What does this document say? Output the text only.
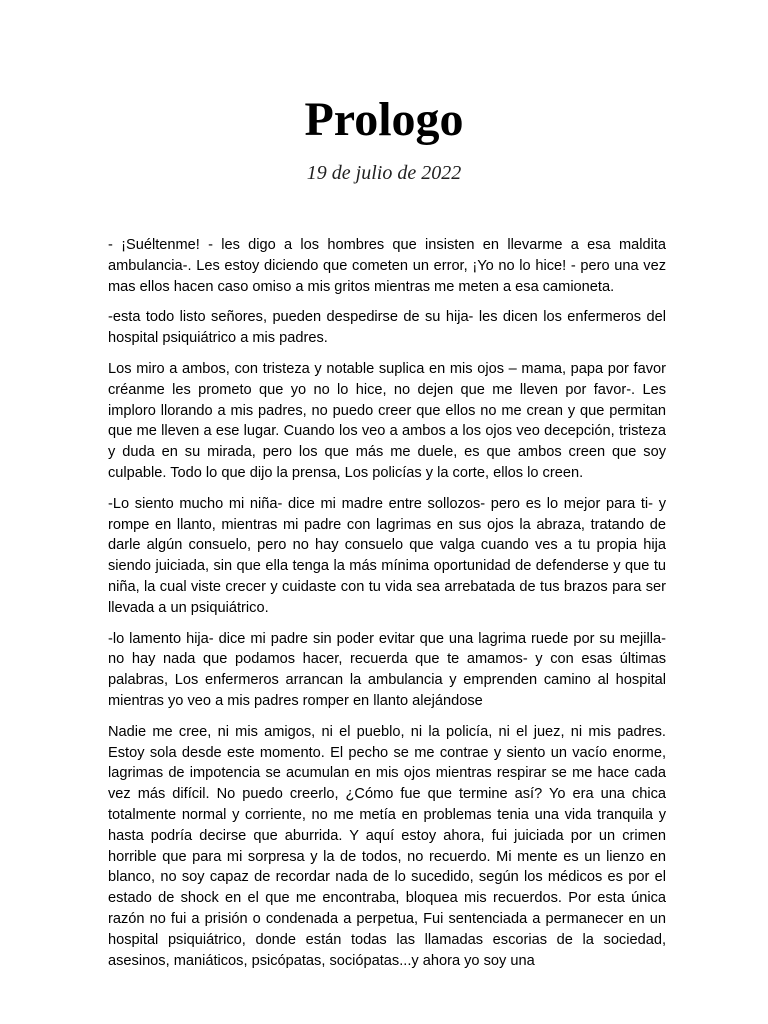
Prologo
19 de julio de 2022

- ¡Suéltenme! - les digo a los hombres que insisten en llevarme a esa maldita ambulancia-. Les estoy diciendo que cometen un error, ¡Yo no lo hice! - pero una vez mas ellos hacen caso omiso a mis gritos mientras me meten a esa camioneta.

-esta todo listo señores, pueden despedirse de su hija- les dicen los enfermeros del hospital psiquiátrico a mis padres.

Los miro a ambos, con tristeza y notable suplica en mis ojos – mama, papa por favor créanme les prometo que yo no lo hice, no dejen que me lleven por favor-. Les imploro llorando a mis padres, no puedo creer que ellos no me crean y que permitan que me lleven a ese lugar. Cuando los veo a ambos a los ojos veo decepción, tristeza y duda en su mirada, pero los que más me duele, es que ambos creen que soy culpable. Todo lo que dijo la prensa, Los policías y la corte, ellos lo creen.

-Lo siento mucho mi niña- dice mi madre entre sollozos- pero es lo mejor para ti- y rompe en llanto, mientras mi padre con lagrimas en sus ojos la abraza, tratando de darle algún consuelo, pero no hay consuelo que valga cuando ves a tu propia hija siendo juiciada, sin que ella tenga la más mínima oportunidad de defenderse y que tu niña, la cual viste crecer y cuidaste con tu vida sea arrebatada de tus brazos para ser llevada a un psiquiátrico.

-lo lamento hija- dice mi padre sin poder evitar que una lagrima ruede por su mejilla-no hay nada que podamos hacer, recuerda que te amamos- y con esas últimas palabras, Los enfermeros arrancan la ambulancia y emprenden camino al hospital mientras yo veo a mis padres romper en llanto alejándose

Nadie me cree, ni mis amigos, ni el pueblo, ni la policía, ni el juez, ni mis padres. Estoy sola desde este momento. El pecho se me contrae y siento un vacío enorme, lagrimas de impotencia se acumulan en mis ojos mientras respirar se me hace cada vez más difícil. No puedo creerlo, ¿Cómo fue que termine así? Yo era una chica totalmente normal y corriente, no me metía en problemas tenia una vida tranquila y hasta podría decirse que aburrida. Y aquí estoy ahora, fui juiciada por un crimen horrible que para mi sorpresa y la de todos, no recuerdo. Mi mente es un lienzo en blanco, no soy capaz de recordar nada de lo sucedido, según los médicos es por el estado de shock en el que me encontraba, bloquea mis recuerdos. Por esta única razón no fui a prisión o condenada a perpetua, Fui sentenciada a permanecer en un hospital psiquiátrico, donde están todas las llamadas escorias de la sociedad, asesinos, maniáticos, psicópatas, sociópatas...y ahora yo soy una
